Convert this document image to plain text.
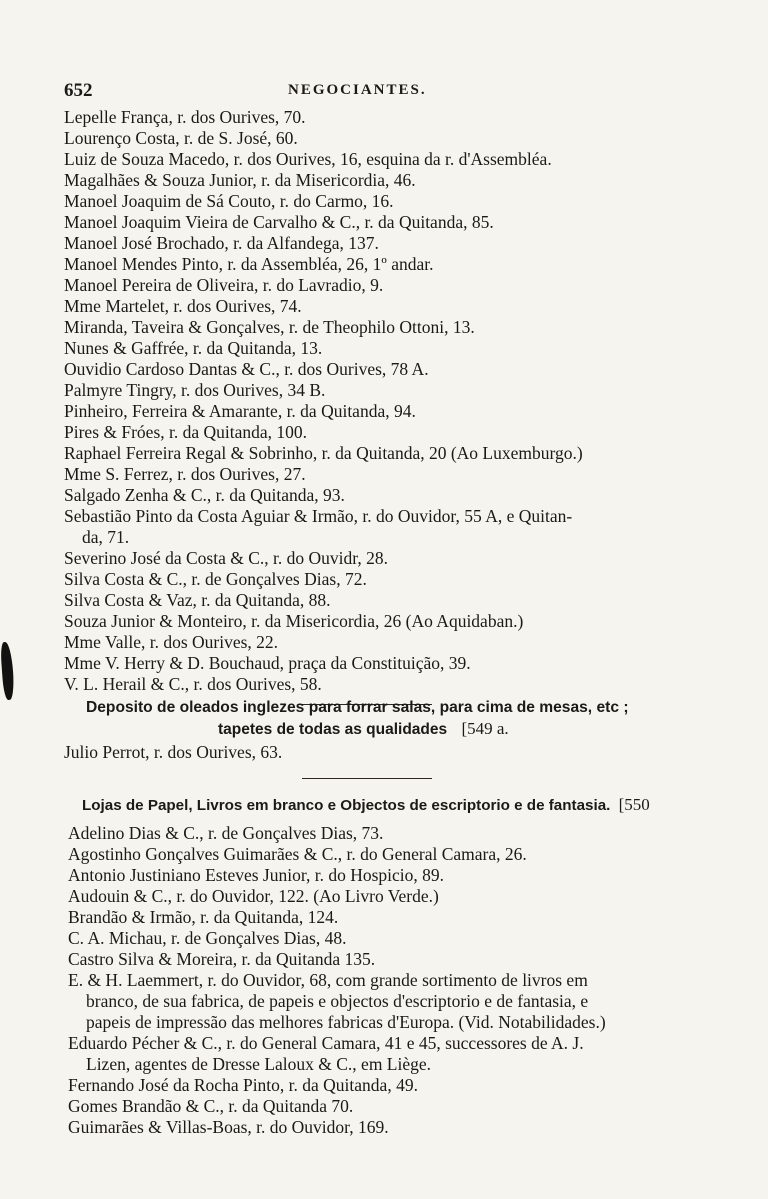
652	NEGOCIANTES.
Lepelle França, r. dos Ourives, 70.
Lourenço Costa, r. de S. José, 60.
Luiz de Souza Macedo, r. dos Ourives, 16, esquina da r. d'Assembléa.
Magalhães & Souza Junior, r. da Misericordia, 46.
Manoel Joaquim de Sá Couto, r. do Carmo, 16.
Manoel Joaquim Vieira de Carvalho & C., r. da Quitanda, 85.
Manoel José Brochado, r. da Alfandega, 137.
Manoel Mendes Pinto, r. da Assembléa, 26, 1º andar.
Manoel Pereira de Oliveira, r. do Lavradio, 9.
Mme Martelet, r. dos Ourives, 74.
Miranda, Taveira & Gonçalves, r. de Theophilo Ottoni, 13.
Nunes & Gaffrée, r. da Quitanda, 13.
Ouvidio Cardoso Dantas & C., r. dos Ourives, 78 A.
Palmyre Tingry, r. dos Ourives, 34 B.
Pinheiro, Ferreira & Amarante, r. da Quitanda, 94.
Pires & Fróes, r. da Quitanda, 100.
Raphael Ferreira Regal & Sobrinho, r. da Quitanda, 20 (Ao Luxemburgo.)
Mme S. Ferrez, r. dos Ourives, 27.
Salgado Zenha & C., r. da Quitanda, 93.
Sebastião Pinto da Costa Aguiar & Irmão, r. do Ouvidor, 55 A, e Quitan-
da, 71.
Severino José da Costa & C., r. do Ouvidr, 28.
Silva Costa & C., r. de Gonçalves Dias, 72.
Silva Costa & Vaz, r. da Quitanda, 88.
Souza Junior & Monteiro, r. da Misericordia, 26 (Ao Aquidaban.)
Mme Valle, r. dos Ourives, 22.
Mme V. Herry & D. Bouchaud, praça da Constituição, 39.
V. L. Herail & C., r. dos Ourives, 58.
Deposito de oleados inglezes para forrar salas, para cima de mesas, etc ;
tapetes de todas as qualidades [549 a.
Julio Perrot, r. dos Ourives, 63.
Lojas de Papel, Livros em branco e Objectos de escriptorio e de fantasia. [550
Adelino Dias & C., r. de Gonçalves Dias, 73.
Agostinho Gonçalves Guimarães & C., r. do General Camara, 26.
Antonio Justiniano Esteves Junior, r. do Hospicio, 89.
Audouin & C., r. do Ouvidor, 122. (Ao Livro Verde.)
Brandão & Irmão, r. da Quitanda, 124.
C. A. Michau, r. de Gonçalves Dias, 48.
Castro Silva & Moreira, r. da Quitanda 135.
E. & H. Laemmert, r. do Ouvidor, 68, com grande sortimento de livros em
branco, de sua fabrica, de papeis e objectos d'escriptorio e de fantasia, e
papeis de impressão das melhores fabricas d'Europa. (Vid. Notabilidades.)
Eduardo Pécher & C., r. do General Camara, 41 e 45, successores de A. J.
Lizen, agentes de Dresse Laloux & C., em Liège.
Fernando José da Rocha Pinto, r. da Quitanda, 49.
Gomes Brandão & C., r. da Quitanda 70.
Guimarães & Villas-Boas, r. do Ouvidor, 169.
